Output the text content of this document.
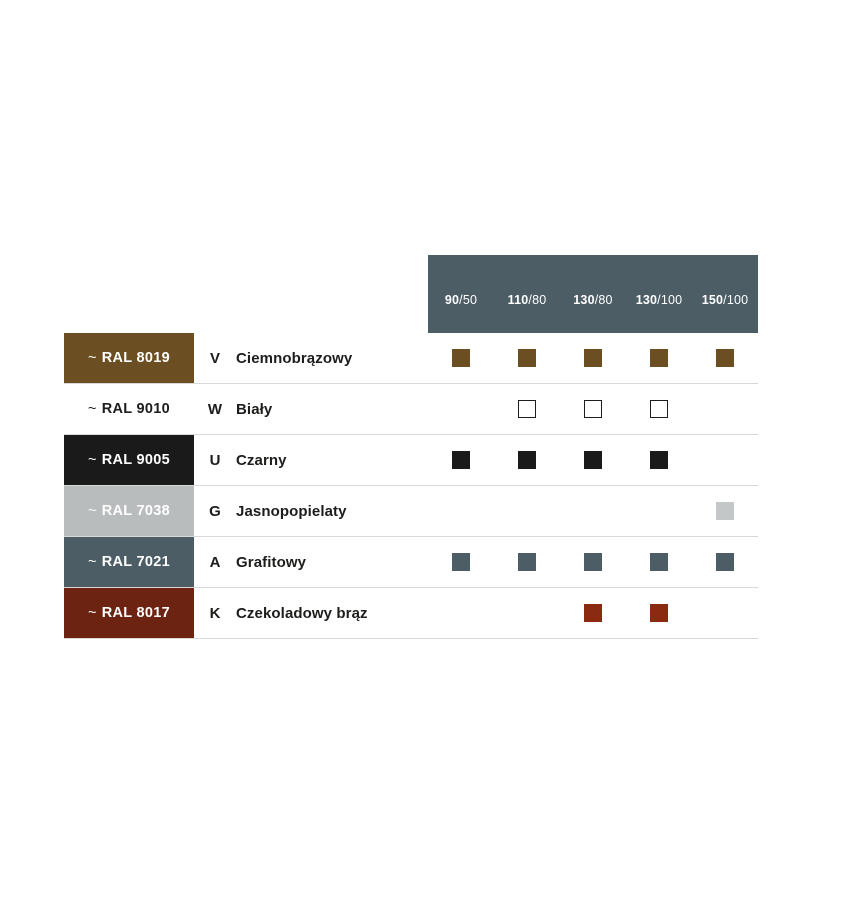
90/50	110/80	130/80	130/100	150/100
~ RAL 8019	V	Ciemnobrązowy
~ RAL 9010	W Biały
~ RAL 9005	U	Czarny
~ RAL 7038	G	Jasnopopielaty
~ RAL 7021	A	Grafitowy
~ RAL 8017	K	Czekoladowy brąz
